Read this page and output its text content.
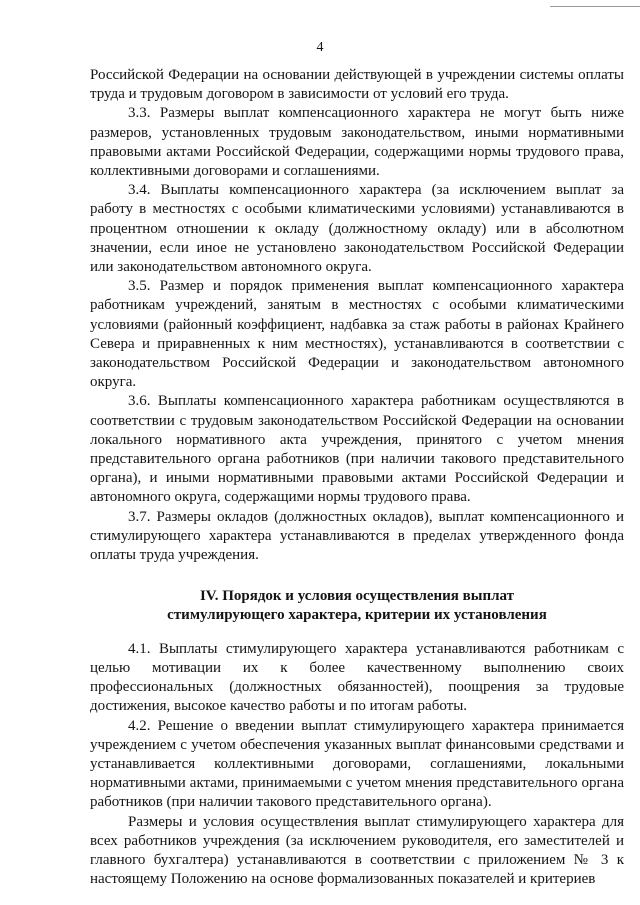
4

Российской Федерации на основании действующей в учреждении системы оплаты труда и трудовым договором в зависимости от условий его труда.

3.3. Размеры выплат компенсационного характера не могут быть ниже размеров, установленных трудовым законодательством, иными нормативными правовыми актами Российской Федерации, содержащими нормы трудового права, коллективными договорами и соглашениями.

3.4. Выплаты компенсационного характера (за исключением выплат за работу в местностях с особыми климатическими условиями) устанавливаются в процентном отношении к окладу (должностному окладу) или в абсолютном значении, если иное не установлено законодательством Российской Федерации или законодательством автономного округа.

3.5. Размер и порядок применения выплат компенсационного характера работникам учреждений, занятым в местностях с особыми климатическими условиями (районный коэффициент, надбавка за стаж работы в районах Крайнего Севера и приравненных к ним местностях), устанавливаются в соответствии с законодательством Российской Федерации и законодательством автономного округа.

3.6. Выплаты компенсационного характера работникам осуществляются в соответствии с трудовым законодательством Российской Федерации на основании локального нормативного акта учреждения, принятого с учетом мнения представительного органа работников (при наличии такового представительного органа), и иными нормативными правовыми актами Российской Федерации и автономного округа, содержащими нормы трудового права.

3.7. Размеры окладов (должностных окладов), выплат компенсационного и стимулирующего характера устанавливаются в пределах утвержденного фонда оплаты труда учреждения.

IV. Порядок и условия осуществления выплат
стимулирующего характера, критерии их установления

4.1. Выплаты стимулирующего характера устанавливаются работникам с целью мотивации их к более качественному выполнению своих профессиональных (должностных обязанностей), поощрения за трудовые достижения, высокое качество работы и по итогам работы.

4.2. Решение о введении выплат стимулирующего характера принимается учреждением с учетом обеспечения указанных выплат финансовыми средствами и устанавливается коллективными договорами, соглашениями, локальными нормативными актами, принимаемыми с учетом мнения представительного органа работников (при наличии такового представительного органа).

Размеры и условия осуществления выплат стимулирующего характера для всех работников учреждения (за исключением руководителя, его заместителей и главного бухгалтера) устанавливаются в соответствии с приложением № 3 к настоящему Положению на основе формализованных показателей и критериев
